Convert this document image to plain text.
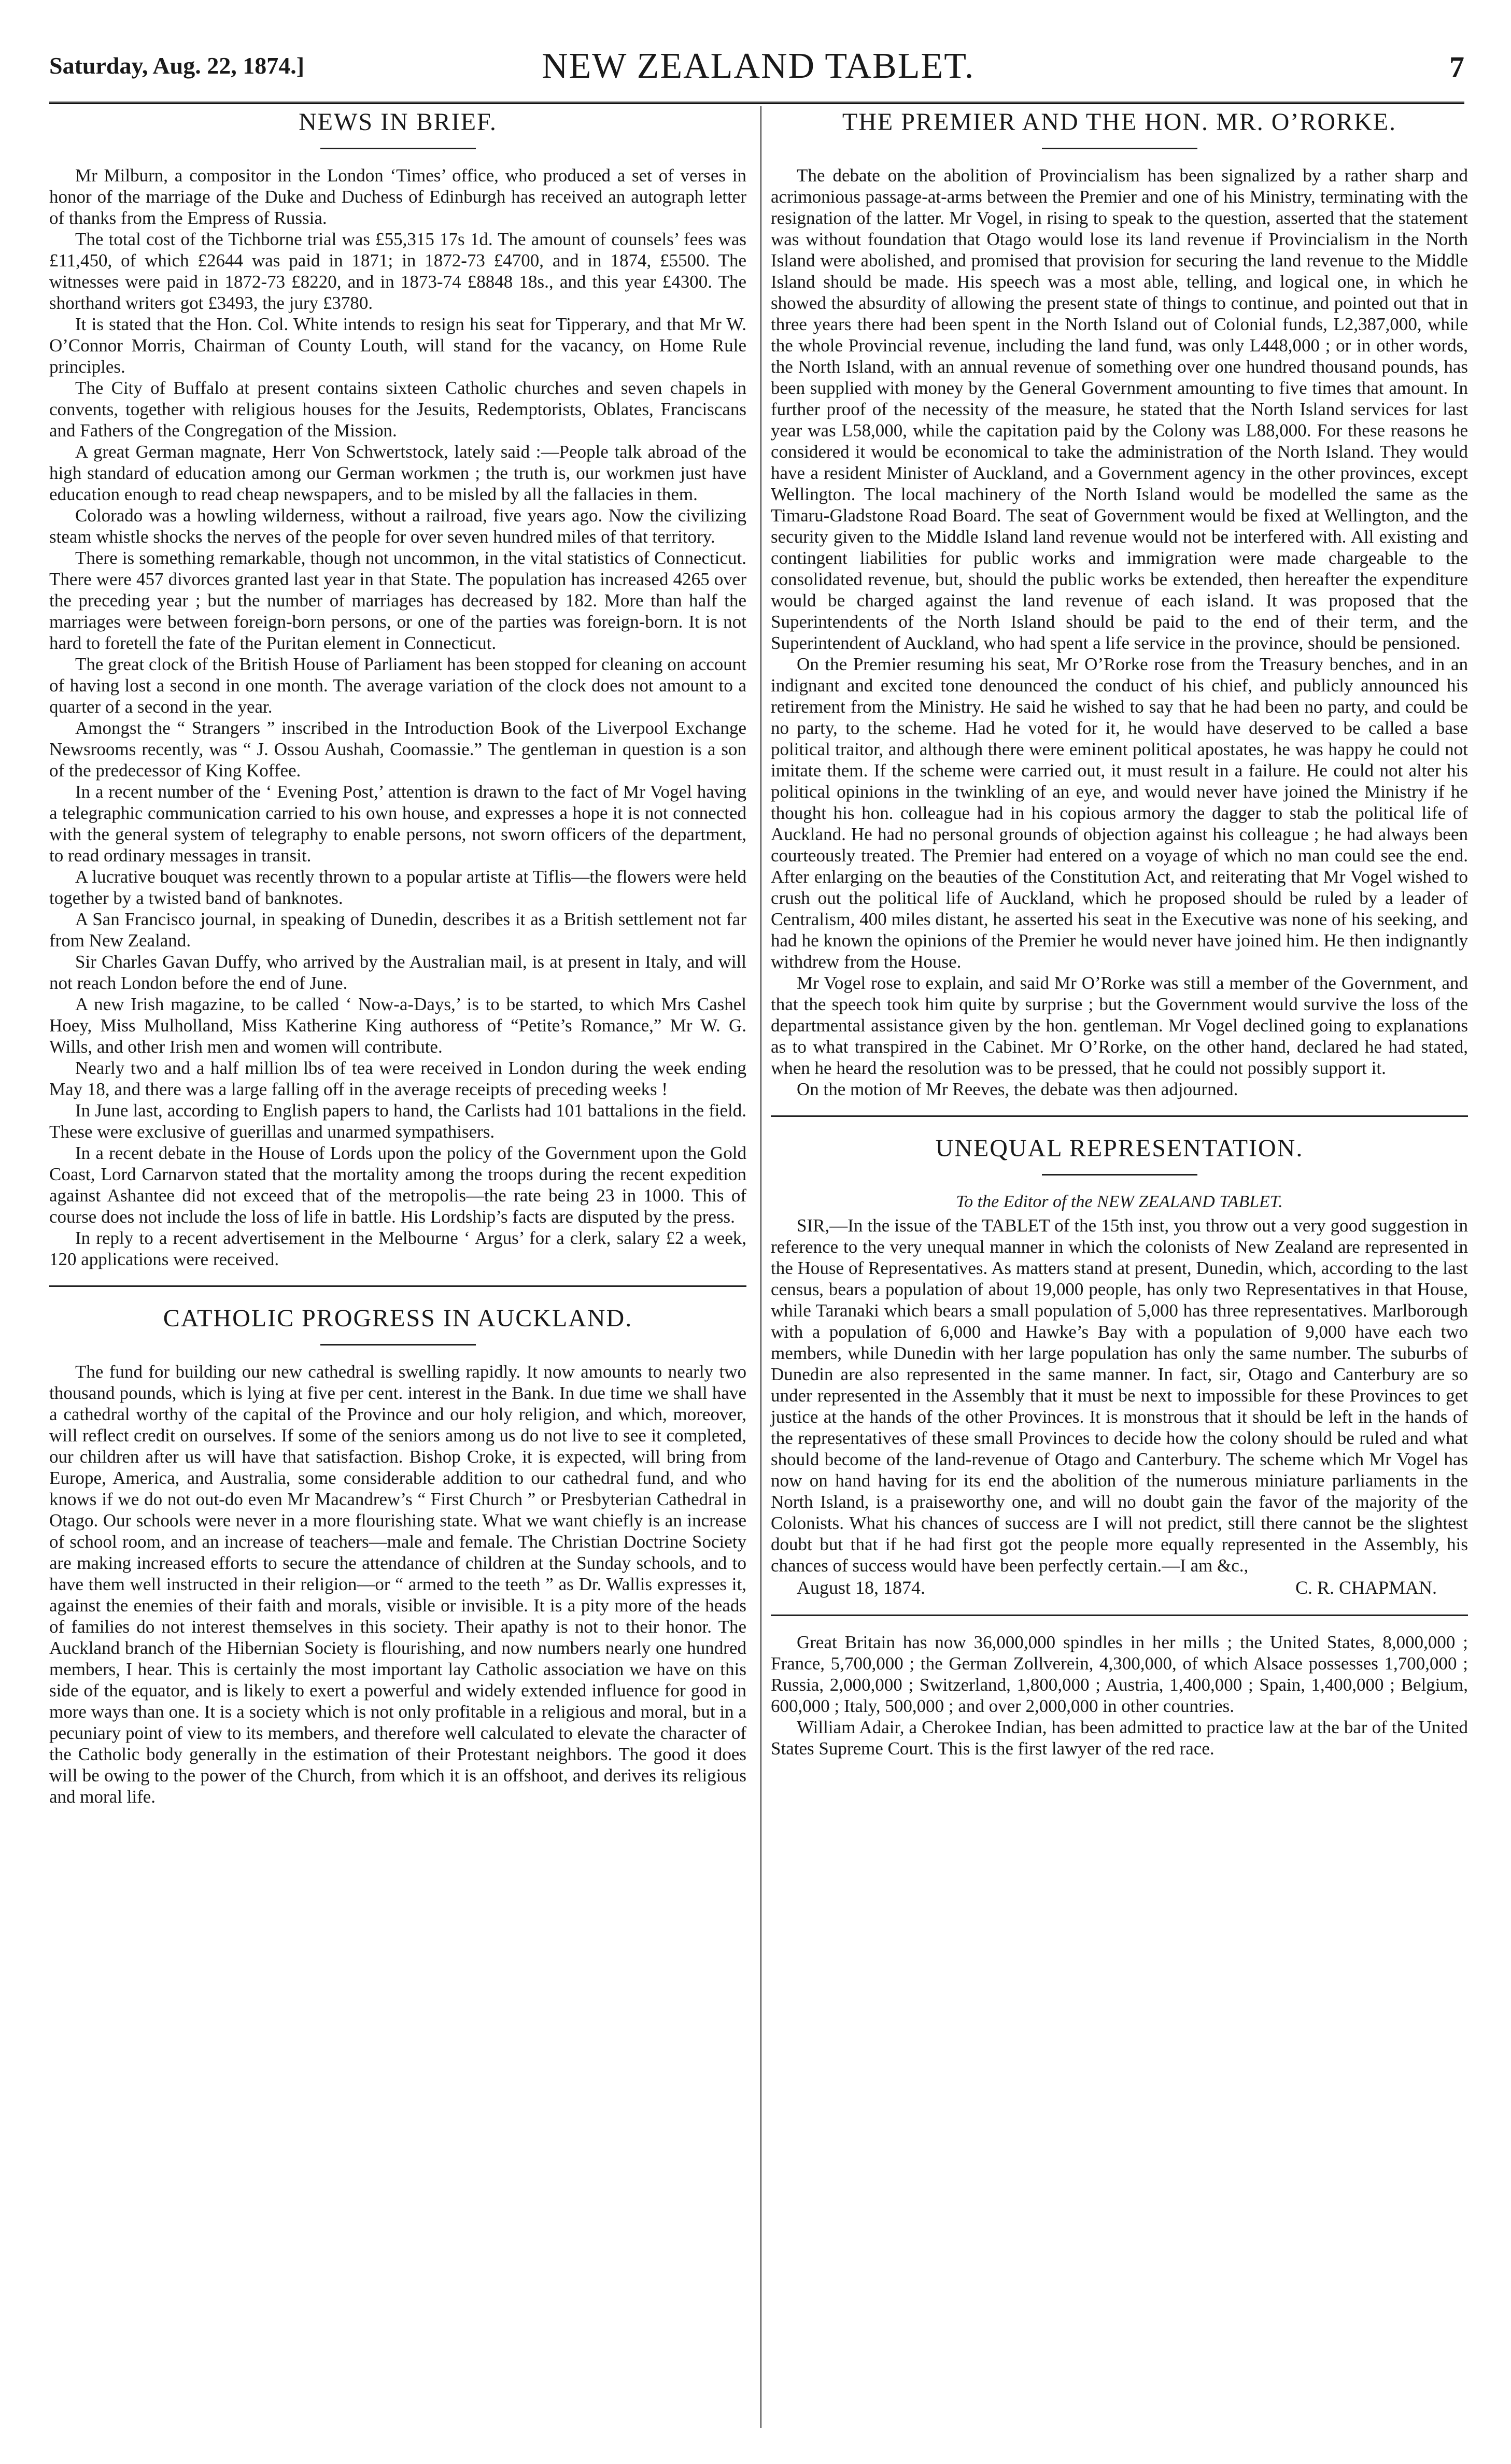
Saturday, Aug. 22, 1874.]	NEW ZEALAND TABLET.	7
NEWS IN BRIEF.

Mr Milburn, a compositor in the London ‘Times’ office, who produced a set of verses in honor of the marriage of the Duke and Duchess of Edinburgh has received an autograph letter of thanks from the Empress of Russia.

The total cost of the Tichborne trial was £55,315 17s 1d. The amount of counsels’ fees was £11,450, of which £2644 was paid in 1871; in 1872-73 £4700, and in 1874, £5500. The witnesses were paid in 1872-73 £8220, and in 1873-74 £8848 18s., and this year £4300. The shorthand writers got £3493, the jury £3780.

It is stated that the Hon. Col. White intends to resign his seat for Tipperary, and that Mr W. O’Connor Morris, Chairman of County Louth, will stand for the vacancy, on Home Rule principles.

The City of Buffalo at present contains sixteen Catholic churches and seven chapels in convents, together with religious houses for the Jesuits, Redemptorists, Oblates, Franciscans and Fathers of the Congregation of the Mission.

A great German magnate, Herr Von Schwertstock, lately said :—People talk abroad of the high standard of education among our German workmen ; the truth is, our workmen just have education enough to read cheap newspapers, and to be misled by all the fallacies in them.

Colorado was a howling wilderness, without a railroad, five years ago. Now the civilizing steam whistle shocks the nerves of the people for over seven hundred miles of that territory.

There is something remarkable, though not uncommon, in the vital statistics of Connecticut. There were 457 divorces granted last year in that State. The population has increased 4265 over the preceding year ; but the number of marriages has decreased by 182. More than half the marriages were between foreign-born persons, or one of the parties was foreign-born. It is not hard to foretell the fate of the Puritan element in Connecticut.

The great clock of the British House of Parliament has been stopped for cleaning on account of having lost a second in one month. The average variation of the clock does not amount to a quarter of a second in the year.

Amongst the “ Strangers ” inscribed in the Introduction Book of the Liverpool Exchange Newsrooms recently, was “ J. Ossou Aushah, Coomassie.” The gentleman in question is a son of the predecessor of King Koffee.

In a recent number of the ‘ Evening Post,’ attention is drawn to the fact of Mr Vogel having a telegraphic communication carried to his own house, and expresses a hope it is not connected with the general system of telegraphy to enable persons, not sworn officers of the department, to read ordinary messages in transit.

A lucrative bouquet was recently thrown to a popular artiste at Tiflis—the flowers were held together by a twisted band of banknotes.

A San Francisco journal, in speaking of Dunedin, describes it as a British settlement not far from New Zealand.

Sir Charles Gavan Duffy, who arrived by the Australian mail, is at present in Italy, and will not reach London before the end of June.

A new Irish magazine, to be called ‘ Now-a-Days,’ is to be started, to which Mrs Cashel Hoey, Miss Mulholland, Miss Katherine King authoress of “Petite’s Romance,” Mr W. G. Wills, and other Irish men and women will contribute.

Nearly two and a half million lbs of tea were received in London during the week ending May 18, and there was a large falling off in the average receipts of preceding weeks !

In June last, according to English papers to hand, the Carlists had 101 battalions in the field. These were exclusive of guerillas and unarmed sympathisers.

In a recent debate in the House of Lords upon the policy of the Government upon the Gold Coast, Lord Carnarvon stated that the mortality among the troops during the recent expedition against Ashantee did not exceed that of the metropolis—the rate being 23 in 1000. This of course does not include the loss of life in battle. His Lordship’s facts are disputed by the press.

In reply to a recent advertisement in the Melbourne ‘ Argus’ for a clerk, salary £2 a week, 120 applications were received.

CATHOLIC PROGRESS IN AUCKLAND.

The fund for building our new cathedral is swelling rapidly. It now amounts to nearly two thousand pounds, which is lying at five per cent. interest in the Bank. In due time we shall have a cathedral worthy of the capital of the Province and our holy religion, and which, moreover, will reflect credit on ourselves. If some of the seniors among us do not live to see it completed, our children after us will have that satisfaction. Bishop Croke, it is expected, will bring from Europe, America, and Australia, some considerable addition to our cathedral fund, and who knows if we do not out-do even Mr Macandrew’s “ First Church ” or Presbyterian Cathedral in Otago. Our schools were never in a more flourishing state. What we want chiefly is an increase of school room, and an increase of teachers—male and female. The Christian Doctrine Society are making increased efforts to secure the attendance of children at the Sunday schools, and to have them well instructed in their religion—or “ armed to the teeth ” as Dr. Wallis expresses it, against the enemies of their faith and morals, visible or invisible. It is a pity more of the heads of families do not interest themselves in this society. Their apathy is not to their honor. The Auckland branch of the Hibernian Society is flourishing, and now numbers nearly one hundred members, I hear. This is certainly the most important lay Catholic association we have on this side of the equator, and is likely to exert a powerful and widely extended influence for good in more ways than one. It is a society which is not only profitable in a religious and moral, but in a pecuniary point of view to its members, and therefore well calculated to elevate the character of the Catholic body generally in the estimation of their Protestant neighbors. The good it does will be owing to the power of the Church, from which it is an offshoot, and derives its religious and moral life.

THE PREMIER AND THE HON. MR. O’RORKE.

The debate on the abolition of Provincialism has been signalized by a rather sharp and acrimonious passage-at-arms between the Premier and one of his Ministry, terminating with the resignation of the latter. Mr Vogel, in rising to speak to the question, asserted that the statement was without foundation that Otago would lose its land revenue if Provincialism in the North Island were abolished, and promised that provision for securing the land revenue to the Middle Island should be made. His speech was a most able, telling, and logical one, in which he showed the absurdity of allowing the present state of things to continue, and pointed out that in three years there had been spent in the North Island out of Colonial funds, L2,387,000, while the whole Provincial revenue, including the land fund, was only L448,000 ; or in other words, the North Island, with an annual revenue of something over one hundred thousand pounds, has been supplied with money by the General Government amounting to five times that amount. In further proof of the necessity of the measure, he stated that the North Island services for last year was L58,000, while the capitation paid by the Colony was L88,000. For these reasons he considered it would be economical to take the administration of the North Island. They would have a resident Minister of Auckland, and a Government agency in the other provinces, except Wellington. The local machinery of the North Island would be modelled the same as the Timaru-Gladstone Road Board. The seat of Government would be fixed at Wellington, and the security given to the Middle Island land revenue would not be interfered with. All existing and contingent liabilities for public works and immigration were made chargeable to the consolidated revenue, but, should the public works be extended, then hereafter the expenditure would be charged against the land revenue of each island. It was proposed that the Superintendents of the North Island should be paid to the end of their term, and the Superintendent of Auckland, who had spent a life service in the province, should be pensioned.

On the Premier resuming his seat, Mr O’Rorke rose from the Treasury benches, and in an indignant and excited tone denounced the conduct of his chief, and publicly announced his retirement from the Ministry. He said he wished to say that he had been no party, and could be no party, to the scheme. Had he voted for it, he would have deserved to be called a base political traitor, and although there were eminent political apostates, he was happy he could not imitate them. If the scheme were carried out, it must result in a failure. He could not alter his political opinions in the twinkling of an eye, and would never have joined the Ministry if he thought his hon. colleague had in his copious armory the dagger to stab the political life of Auckland. He had no personal grounds of objection against his colleague ; he had always been courteously treated. The Premier had entered on a voyage of which no man could see the end. After enlarging on the beauties of the Constitution Act, and reiterating that Mr Vogel wished to crush out the political life of Auckland, which he proposed should be ruled by a leader of Centralism, 400 miles distant, he asserted his seat in the Executive was none of his seeking, and had he known the opinions of the Premier he would never have joined him. He then indignantly withdrew from the House.

Mr Vogel rose to explain, and said Mr O’Rorke was still a member of the Government, and that the speech took him quite by surprise ; but the Government would survive the loss of the departmental assistance given by the hon. gentleman. Mr Vogel declined going to explanations as to what transpired in the Cabinet. Mr O’Rorke, on the other hand, declared he had stated, when he heard the resolution was to be pressed, that he could not possibly support it.

On the motion of Mr Reeves, the debate was then adjourned.

UNEQUAL REPRESENTATION.
To the Editor of the NEW ZEALAND TABLET.

SIR,—In the issue of the TABLET of the 15th inst, you throw out a very good suggestion in reference to the very unequal manner in which the colonists of New Zealand are represented in the House of Representatives. As matters stand at present, Dunedin, which, according to the last census, bears a population of about 19,000 people, has only two Representatives in that House, while Taranaki which bears a small population of 5,000 has three representatives. Marlborough with a population of 6,000 and Hawke’s Bay with a population of 9,000 have each two members, while Dunedin with her large population has only the same number. The suburbs of Dunedin are also represented in the same manner. In fact, sir, Otago and Canterbury are so under represented in the Assembly that it must be next to impossible for these Provinces to get justice at the hands of the other Provinces. It is monstrous that it should be left in the hands of the representatives of these small Provinces to decide how the colony should be ruled and what should become of the land-revenue of Otago and Canterbury. The scheme which Mr Vogel has now on hand having for its end the abolition of the numerous miniature parliaments in the North Island, is a praiseworthy one, and will no doubt gain the favor of the majority of the Colonists. What his chances of success are I will not predict, still there cannot be the slightest doubt but that if he had first got the people more equally represented in the Assembly, his chances of success would have been perfectly certain.—I am &c.,

August 18, 1874.	C. R. CHAPMAN.

Great Britain has now 36,000,000 spindles in her mills ; the United States, 8,000,000 ; France, 5,700,000 ; the German Zollverein, 4,300,000, of which Alsace possesses 1,700,000 ; Russia, 2,000,000 ; Switzerland, 1,800,000 ; Austria, 1,400,000 ; Spain, 1,400,000 ; Belgium, 600,000 ; Italy, 500,000 ; and over 2,000,000 in other countries.

William Adair, a Cherokee Indian, has been admitted to practice law at the bar of the United States Supreme Court. This is the first lawyer of the red race.
